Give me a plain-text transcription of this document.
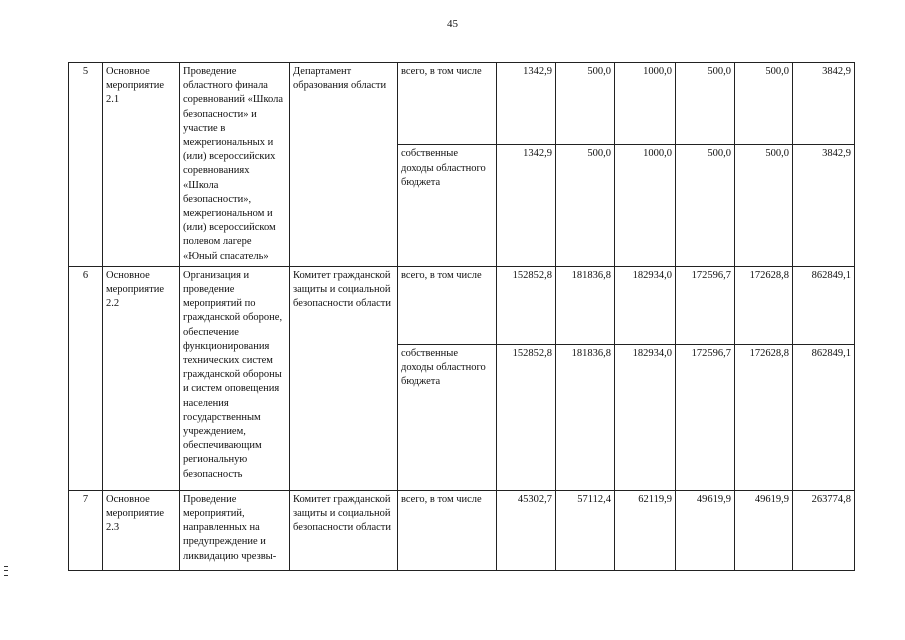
45
5	Основное мероприятие 2.1	Проведение областного финала соревнований «Школа безопасности» и участие в межрегиональных и (или) всероссийских соревнованиях «Школа безопасности», межрегиональном и (или) всероссийском полевом лагере «Юный спасатель»	Департамент образования области	всего, в том числе	1342,9	500,0	1000,0	500,0	500,0	3842,9
				собственные доходы областного бюджета	1342,9	500,0	1000,0	500,0	500,0	3842,9
6	Основное мероприятие 2.2	Организация и проведение мероприятий по гражданской обороне, обеспечение функционирования технических систем гражданской обороны и систем оповещения населения государственным учреждением, обеспечивающим региональную безопасность	Комитет гражданской защиты и социальной безопасности области	всего, в том числе	152852,8	181836,8	182934,0	172596,7	172628,8	862849,1
				собственные доходы областного бюджета	152852,8	181836,8	182934,0	172596,7	172628,8	862849,1
7	Основное мероприятие 2.3	Проведение мероприятий, направленных на предупреждение и ликвидацию чрезвы-	Комитет гражданской защиты и социальной безопасности области	всего, в том числе	45302,7	57112,4	62119,9	49619,9	49619,9	263774,8
